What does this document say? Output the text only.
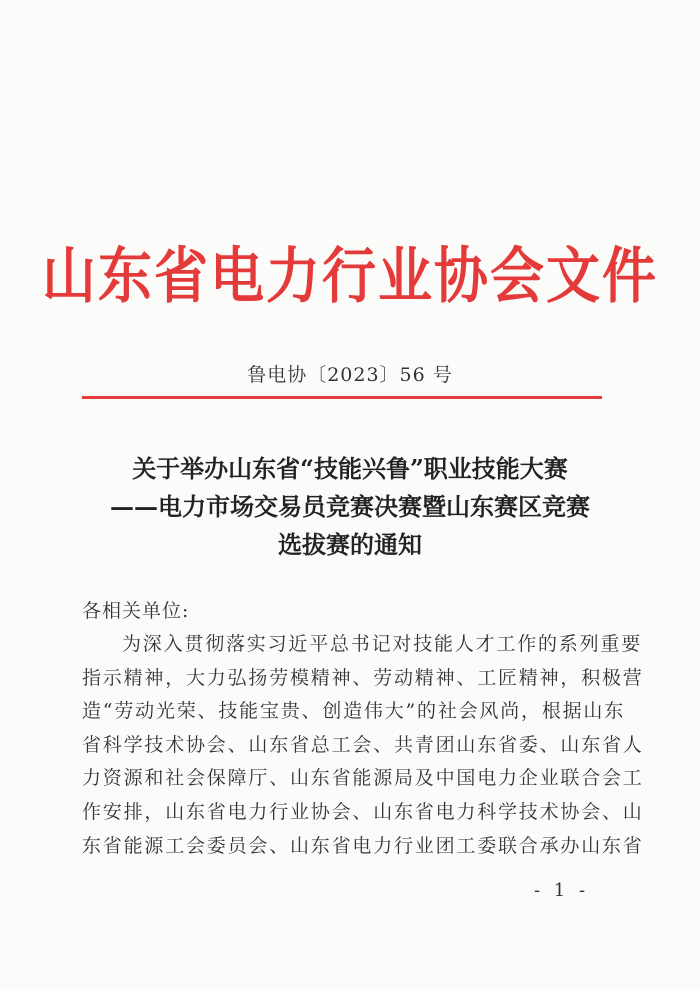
山东省电力行业协会文件
鲁电协〔2023〕56 号
关于举办山东省“技能兴鲁”职业技能大赛
——电力市场交易员竞赛决赛暨山东赛区竞赛
选拔赛的通知
各相关单位:
为深入贯彻落实习近平总书记对技能人才工作的系列重要
指示精神，大力弘扬劳模精神、劳动精神、工匠精神，积极营
造“劳动光荣、技能宝贵、创造伟大”的社会风尚，根据山东
省科学技术协会、山东省总工会、共青团山东省委、山东省人
力资源和社会保障厅、山东省能源局及中国电力企业联合会工
作安排，山东省电力行业协会、山东省电力科学技术协会、山
东省能源工会委员会、山东省电力行业团工委联合承办山东省
- 1 -
